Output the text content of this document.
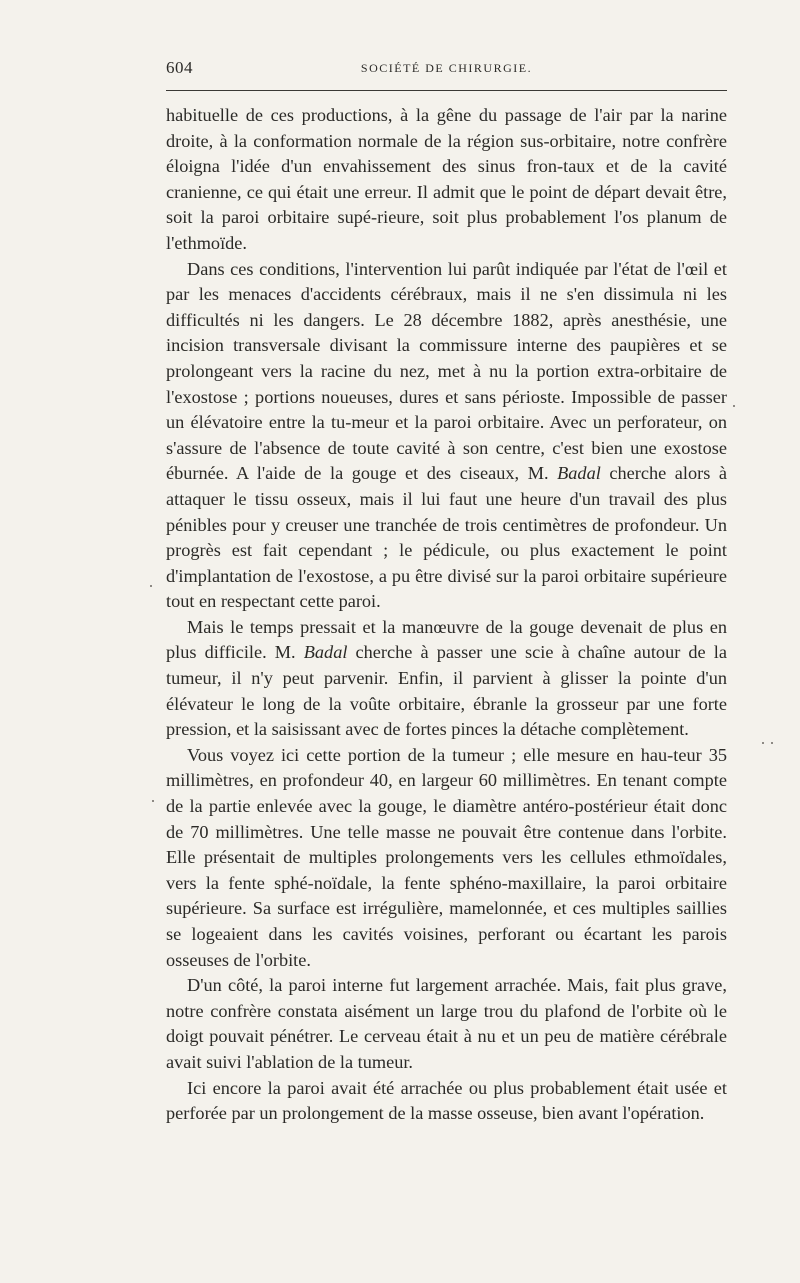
604	SOCIÉTÉ DE CHIRURGIE.

habituelle de ces productions, à la gêne du passage de l'air par la narine droite, à la conformation normale de la région sus-orbitaire, notre confrère éloigna l'idée d'un envahissement des sinus fron-taux et de la cavité cranienne, ce qui était une erreur. Il admit que le point de départ devait être, soit la paroi orbitaire supé-rieure, soit plus probablement l'os planum de l'ethmoïde.

Dans ces conditions, l'intervention lui parût indiquée par l'état de l'œil et par les menaces d'accidents cérébraux, mais il ne s'en dissimula ni les difficultés ni les dangers. Le 28 décembre 1882, après anesthésie, une incision transversale divisant la commissure interne des paupières et se prolongeant vers la racine du nez, met à nu la portion extra-orbitaire de l'exostose ; portions noueuses, dures et sans périoste. Impossible de passer un élévatoire entre la tu-meur et la paroi orbitaire. Avec un perforateur, on s'assure de l'absence de toute cavité à son centre, c'est bien une exostose éburnée. A l'aide de la gouge et des ciseaux, M. Badal cherche alors à attaquer le tissu osseux, mais il lui faut une heure d'un travail des plus pénibles pour y creuser une tranchée de trois centimètres de profondeur. Un progrès est fait cependant ; le pédicule, ou plus exactement le point d'implantation de l'exostose, a pu être divisé sur la paroi orbitaire supérieure tout en respectant cette paroi.

Mais le temps pressait et la manœuvre de la gouge devenait de plus en plus difficile. M. Badal cherche à passer une scie à chaîne autour de la tumeur, il n'y peut parvenir. Enfin, il parvient à glisser la pointe d'un élévateur le long de la voûte orbitaire, ébranle la grosseur par une forte pression, et la saisissant avec de fortes pinces la détache complètement.

Vous voyez ici cette portion de la tumeur ; elle mesure en hau-teur 35 millimètres, en profondeur 40, en largeur 60 millimètres. En tenant compte de la partie enlevée avec la gouge, le diamètre antéro-postérieur était donc de 70 millimètres. Une telle masse ne pouvait être contenue dans l'orbite. Elle présentait de multiples prolongements vers les cellules ethmoïdales, vers la fente sphé-noïdale, la fente sphéno-maxillaire, la paroi orbitaire supérieure. Sa surface est irrégulière, mamelonnée, et ces multiples saillies se logeaient dans les cavités voisines, perforant ou écartant les parois osseuses de l'orbite.

D'un côté, la paroi interne fut largement arrachée. Mais, fait plus grave, notre confrère constata aisément un large trou du plafond de l'orbite où le doigt pouvait pénétrer. Le cerveau était à nu et un peu de matière cérébrale avait suivi l'ablation de la tumeur.

Ici encore la paroi avait été arrachée ou plus probablement était usée et perforée par un prolongement de la masse osseuse, bien avant l'opération.
